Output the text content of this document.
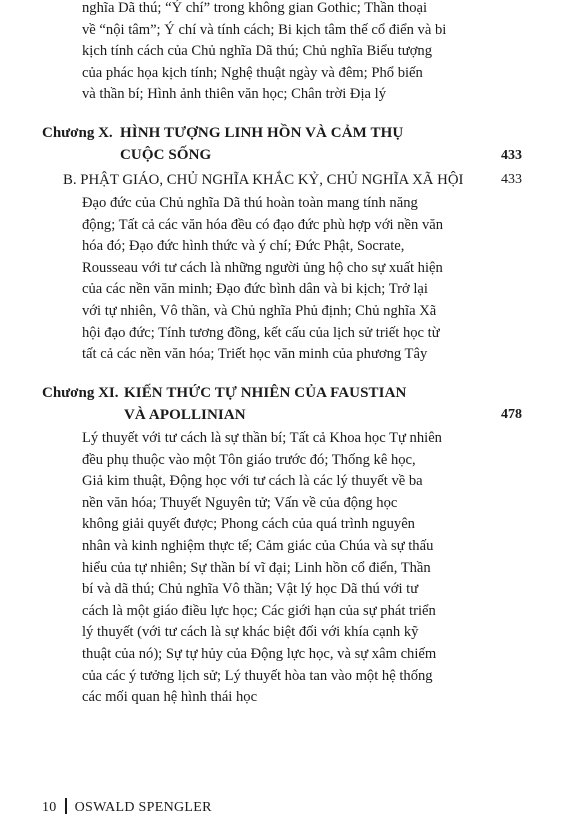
nghĩa Dã thú; “Ý chí” trong không gian Gothic; Thần thoại
về “nội tâm”; Ý chí và tính cách; Bi kịch tâm thế cổ điển và bi
kịch tính cách của Chủ nghĩa Dã thú; Chủ nghĩa Biểu tượng
của phác họa kịch tính; Nghệ thuật ngày và đêm; Phổ biến
và thần bí; Hình ảnh thiên văn học; Chân trời Địa lý
Chương X. HÌNH TƯỢNG LINH HỒN VÀ CẢM THỤ
CUỘC SỐNG	433
B. PHẬT GIÁO, CHỦ NGHĨA KHẮC KỶ, CHỦ NGHĨA XÃ HỘI	433
Đạo đức của Chủ nghĩa Dã thú hoàn toàn mang tính năng
động; Tất cả các văn hóa đều có đạo đức phù hợp với nền văn
hóa đó; Đạo đức hình thức và ý chí; Đức Phật, Socrate,
Rousseau với tư cách là những người ủng hộ cho sự xuất hiện
của các nền văn minh; Đạo đức bình dân và bi kịch; Trở lại
với tự nhiên, Vô thần, và Chủ nghĩa Phủ định; Chủ nghĩa Xã
hội đạo đức; Tính tương đồng, kết cấu của lịch sử triết học từ
tất cả các nền văn hóa; Triết học văn minh của phương Tây
Chương XI. KIẾN THỨC TỰ NHIÊN CỦA FAUSTIAN
VÀ APOLLINIAN	478
Lý thuyết với tư cách là sự thần bí; Tất cả Khoa học Tự nhiên
đều phụ thuộc vào một Tôn giáo trước đó; Thống kê học,
Giả kim thuật, Động học với tư cách là các lý thuyết về ba
nền văn hóa; Thuyết Nguyên tử; Vấn về của động học
không giải quyết được; Phong cách của quá trình nguyên
nhân và kinh nghiệm thực tế; Cảm giác của Chúa và sự thấu
hiểu của tự nhiên; Sự thần bí vĩ đại; Linh hồn cổ điển, Thần
bí và dã thú; Chủ nghĩa Vô thần; Vật lý học Dã thú với tư
cách là một giáo điều lực học; Các giới hạn của sự phát triển
lý thuyết (với tư cách là sự khác biệt đối với khía cạnh kỹ
thuật của nó); Sự tự hủy của Động lực học, và sự xâm chiếm
của các ý tưởng lịch sử; Lý thuyết hòa tan vào một hệ thống
các mối quan hệ hình thái học
10 OSWALD SPENGLER
